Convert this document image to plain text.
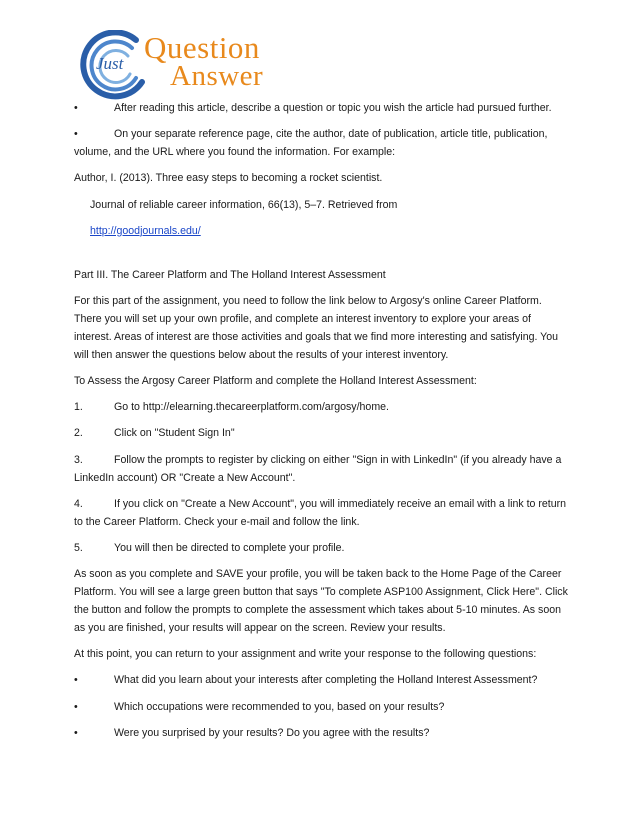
Just Question
Answer

•	After reading this article, describe a question or topic you wish the article had pursued further.

•	On your separate reference page, cite the author, date of publication, article title, publication, volume, and the URL where you found the information. For example:

Author, I. (2013). Three easy steps to becoming a rocket scientist.

Journal of reliable career information, 66(13), 5–7. Retrieved from

http://goodjournals.edu/

Part III. The Career Platform and The Holland Interest Assessment

For this part of the assignment, you need to follow the link below to Argosy's online Career Platform. There you will set up your own profile, and complete an interest inventory to explore your areas of interest. Areas of interest are those activities and goals that we find more interesting and satisfying. You will then answer the questions below about the results of your interest inventory.

To Assess the Argosy Career Platform and complete the Holland Interest Assessment:

1.	Go to http://elearning.thecareerplatform.com/argosy/home.

2.	Click on "Student Sign In"

3.	Follow the prompts to register by clicking on either "Sign in with LinkedIn" (if you already have a LinkedIn account) OR "Create a New Account".

4.	If you click on "Create a New Account", you will immediately receive an email with a link to return to the Career Platform. Check your e-mail and follow the link.

5.	You will then be directed to complete your profile.

As soon as you complete and SAVE your profile, you will be taken back to the Home Page of the Career Platform. You will see a large green button that says "To complete ASP100 Assignment, Click Here". Click the button and follow the prompts to complete the assessment which takes about 5-10 minutes. As soon as you are finished, your results will appear on the screen. Review your results.

At this point, you can return to your assignment and write your response to the following questions:

•	What did you learn about your interests after completing the Holland Interest Assessment?

•	Which occupations were recommended to you, based on your results?

•	Were you surprised by your results? Do you agree with the results?
